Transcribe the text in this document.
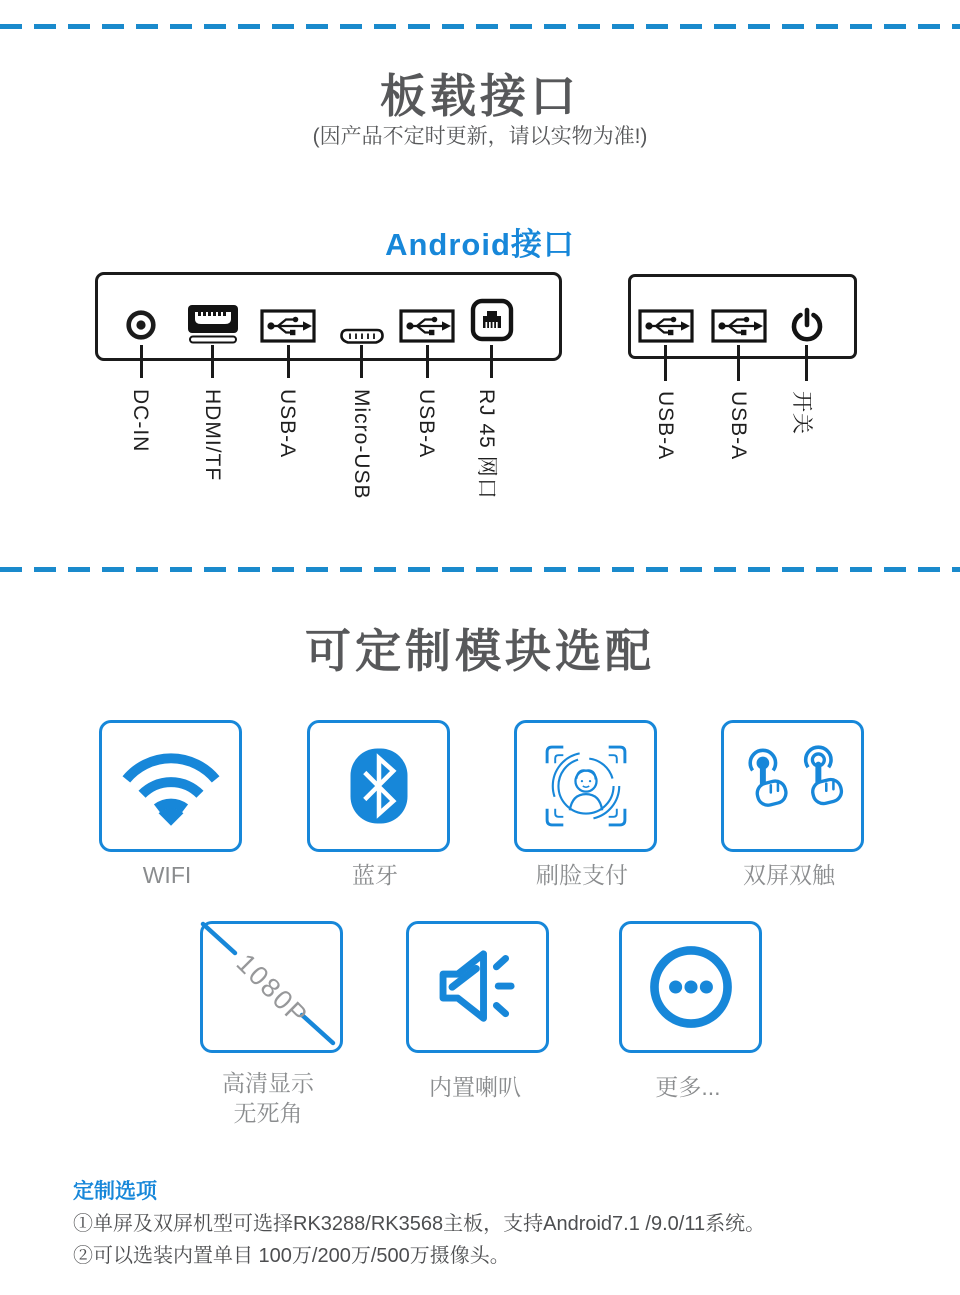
板载接口
(因产品不定时更新，请以实物为准!)
Android接口
DC-IN HDMI/TF USB-A Micro-USB USB-A RJ 45 网口	USB-A USB-A 开关
可定制模块选配
WIFI	蓝牙	刷脸支付	双屏双触
1080P
高清显示
无死角
内置喇叭	更多...
定制选项
①单屏及双屏机型可选择RK3288/RK3568主板，支持Android7.1 /9.0/11系统。
②可以选装内置单目 100万/200万/500万摄像头。
